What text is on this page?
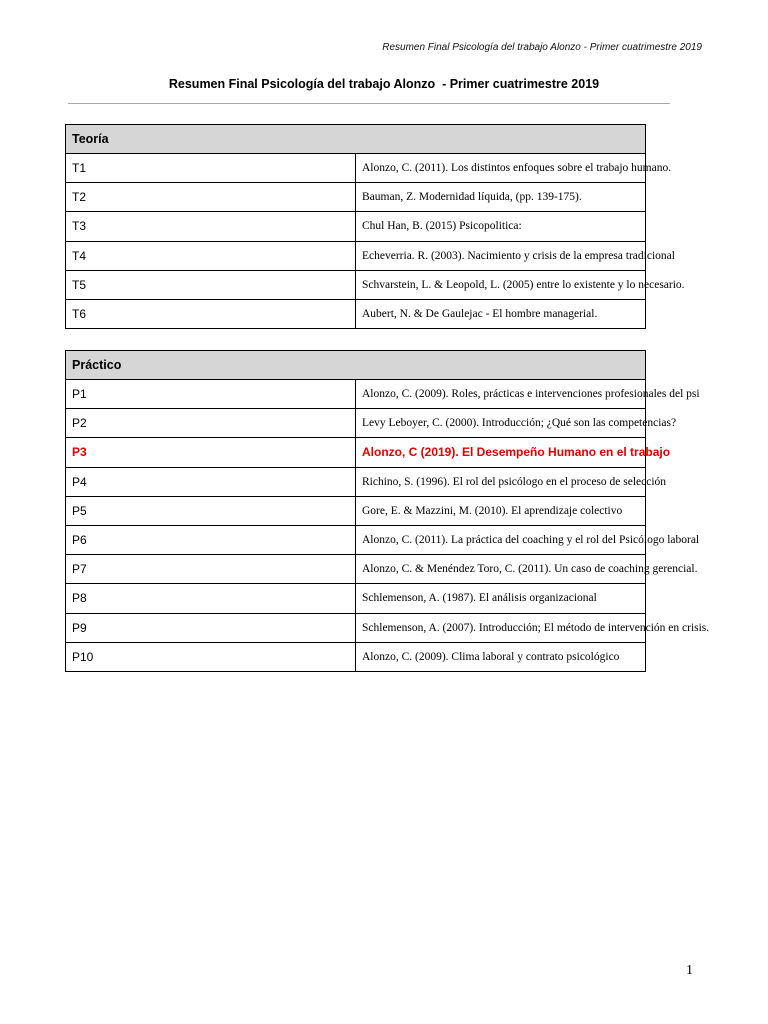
Resumen Final Psicología del trabajo Alonzo - Primer cuatrimestre 2019
Resumen Final Psicología del trabajo Alonzo  - Primer cuatrimestre 2019
Teoría	
T1	Alonzo, C. (2011). Los distintos enfoques sobre el trabajo humano.
T2	Bauman, Z. Modernidad líquida, (pp. 139-175).
T3	Chul Han, B. (2015) Psicopolitica:
T4	Echeverria. R. (2003). Nacimiento y crisis de la empresa tradicional
T5	Schvarstein, L. & Leopold, L. (2005) entre lo existente y lo necesario.
T6	Aubert, N. & De Gaulejac - El hombre managerial.
Práctico	
P1	Alonzo, C. (2009). Roles, prácticas e intervenciones profesionales del psi
P2	Levy Leboyer, C. (2000). Introducción; ¿Qué son las competencias?
P3	Alonzo, C (2019). El Desempeño Humano en el trabajo
P4	Richino, S. (1996). El rol del psicólogo en el proceso de selección
P5	Gore, E. & Mazzini, M. (2010). El aprendizaje colectivo
P6	Alonzo, C. (2011). La práctica del coaching y el rol del Psicólogo laboral
P7	Alonzo, C. & Menéndez Toro, C. (2011). Un caso de coaching gerencial.
P8	Schlemenson, A. (1987). El análisis organizacional
P9	Schlemenson, A. (2007). Introducción; El método de intervención en crisis.
P10	Alonzo, C. (2009). Clima laboral y contrato psicológico
1
